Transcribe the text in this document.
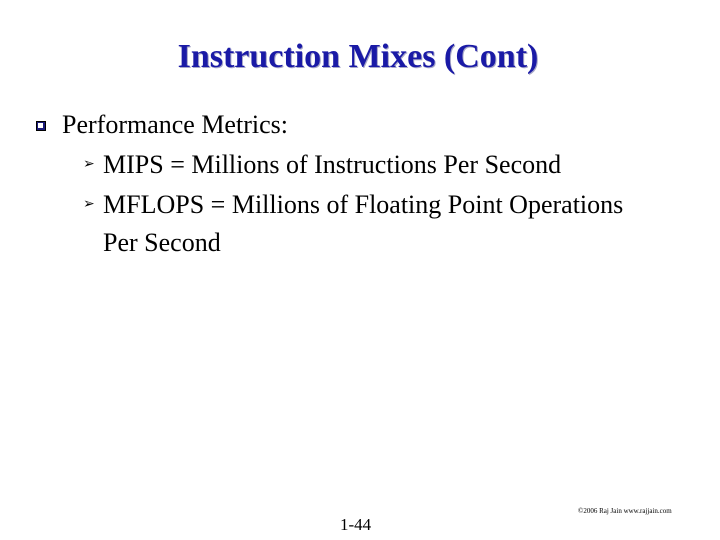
Instruction Mixes (Cont)
Performance Metrics:
➢ MIPS = Millions of Instructions Per Second
➢ MFLOPS = Millions of Floating Point Operations Per Second
©2006 Raj Jain www.rajjain.com
1-44
